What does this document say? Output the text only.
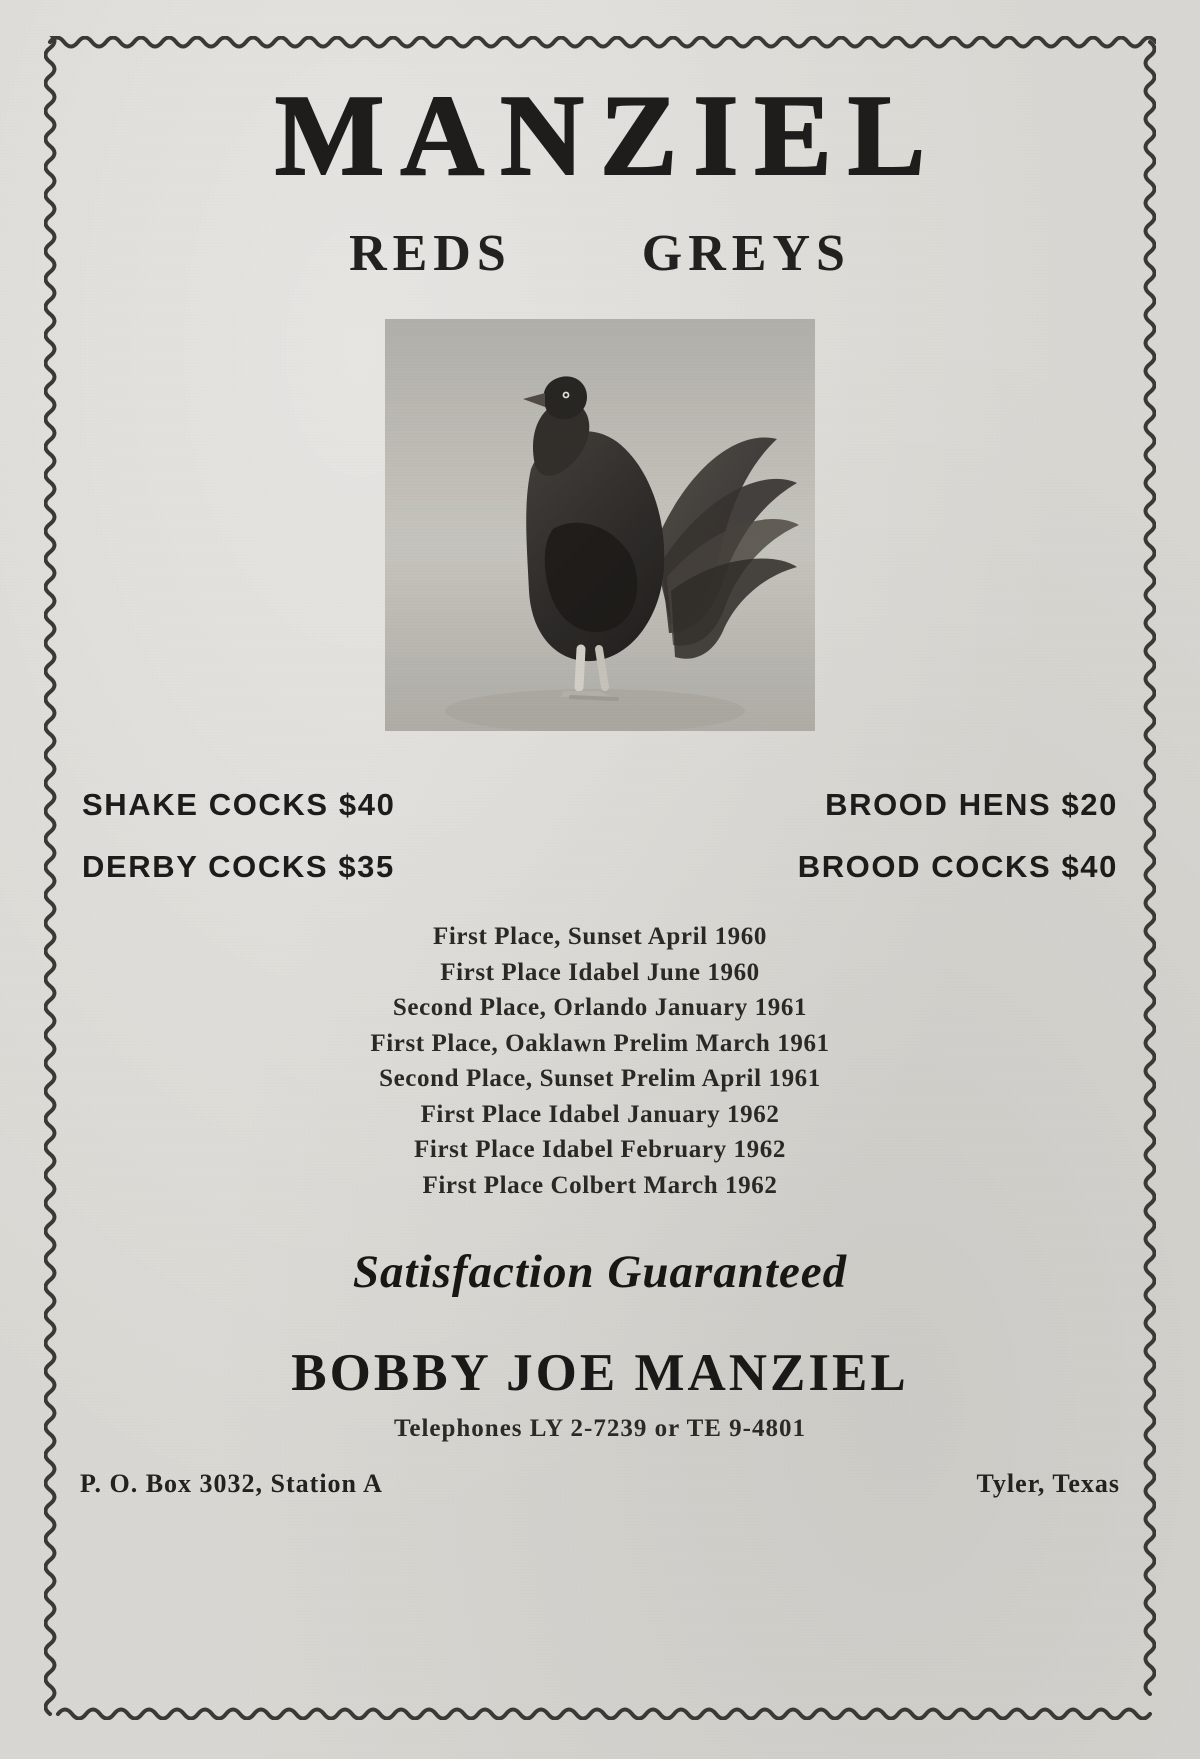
MANZIEL
REDS	GREYS
SHAKE COCKS $40	BROOD HENS $20
DERBY COCKS $35	BROOD COCKS $40
First Place, Sunset April 1960
First Place Idabel June 1960
Second Place, Orlando January 1961
First Place, Oaklawn Prelim March 1961
Second Place, Sunset Prelim April 1961
First Place Idabel January 1962
First Place Idabel February 1962
First Place Colbert March 1962
Satisfaction Guaranteed
BOBBY JOE MANZIEL
Telephones LY 2-7239 or TE 9-4801
P. O. Box 3032, Station A	Tyler, Texas
